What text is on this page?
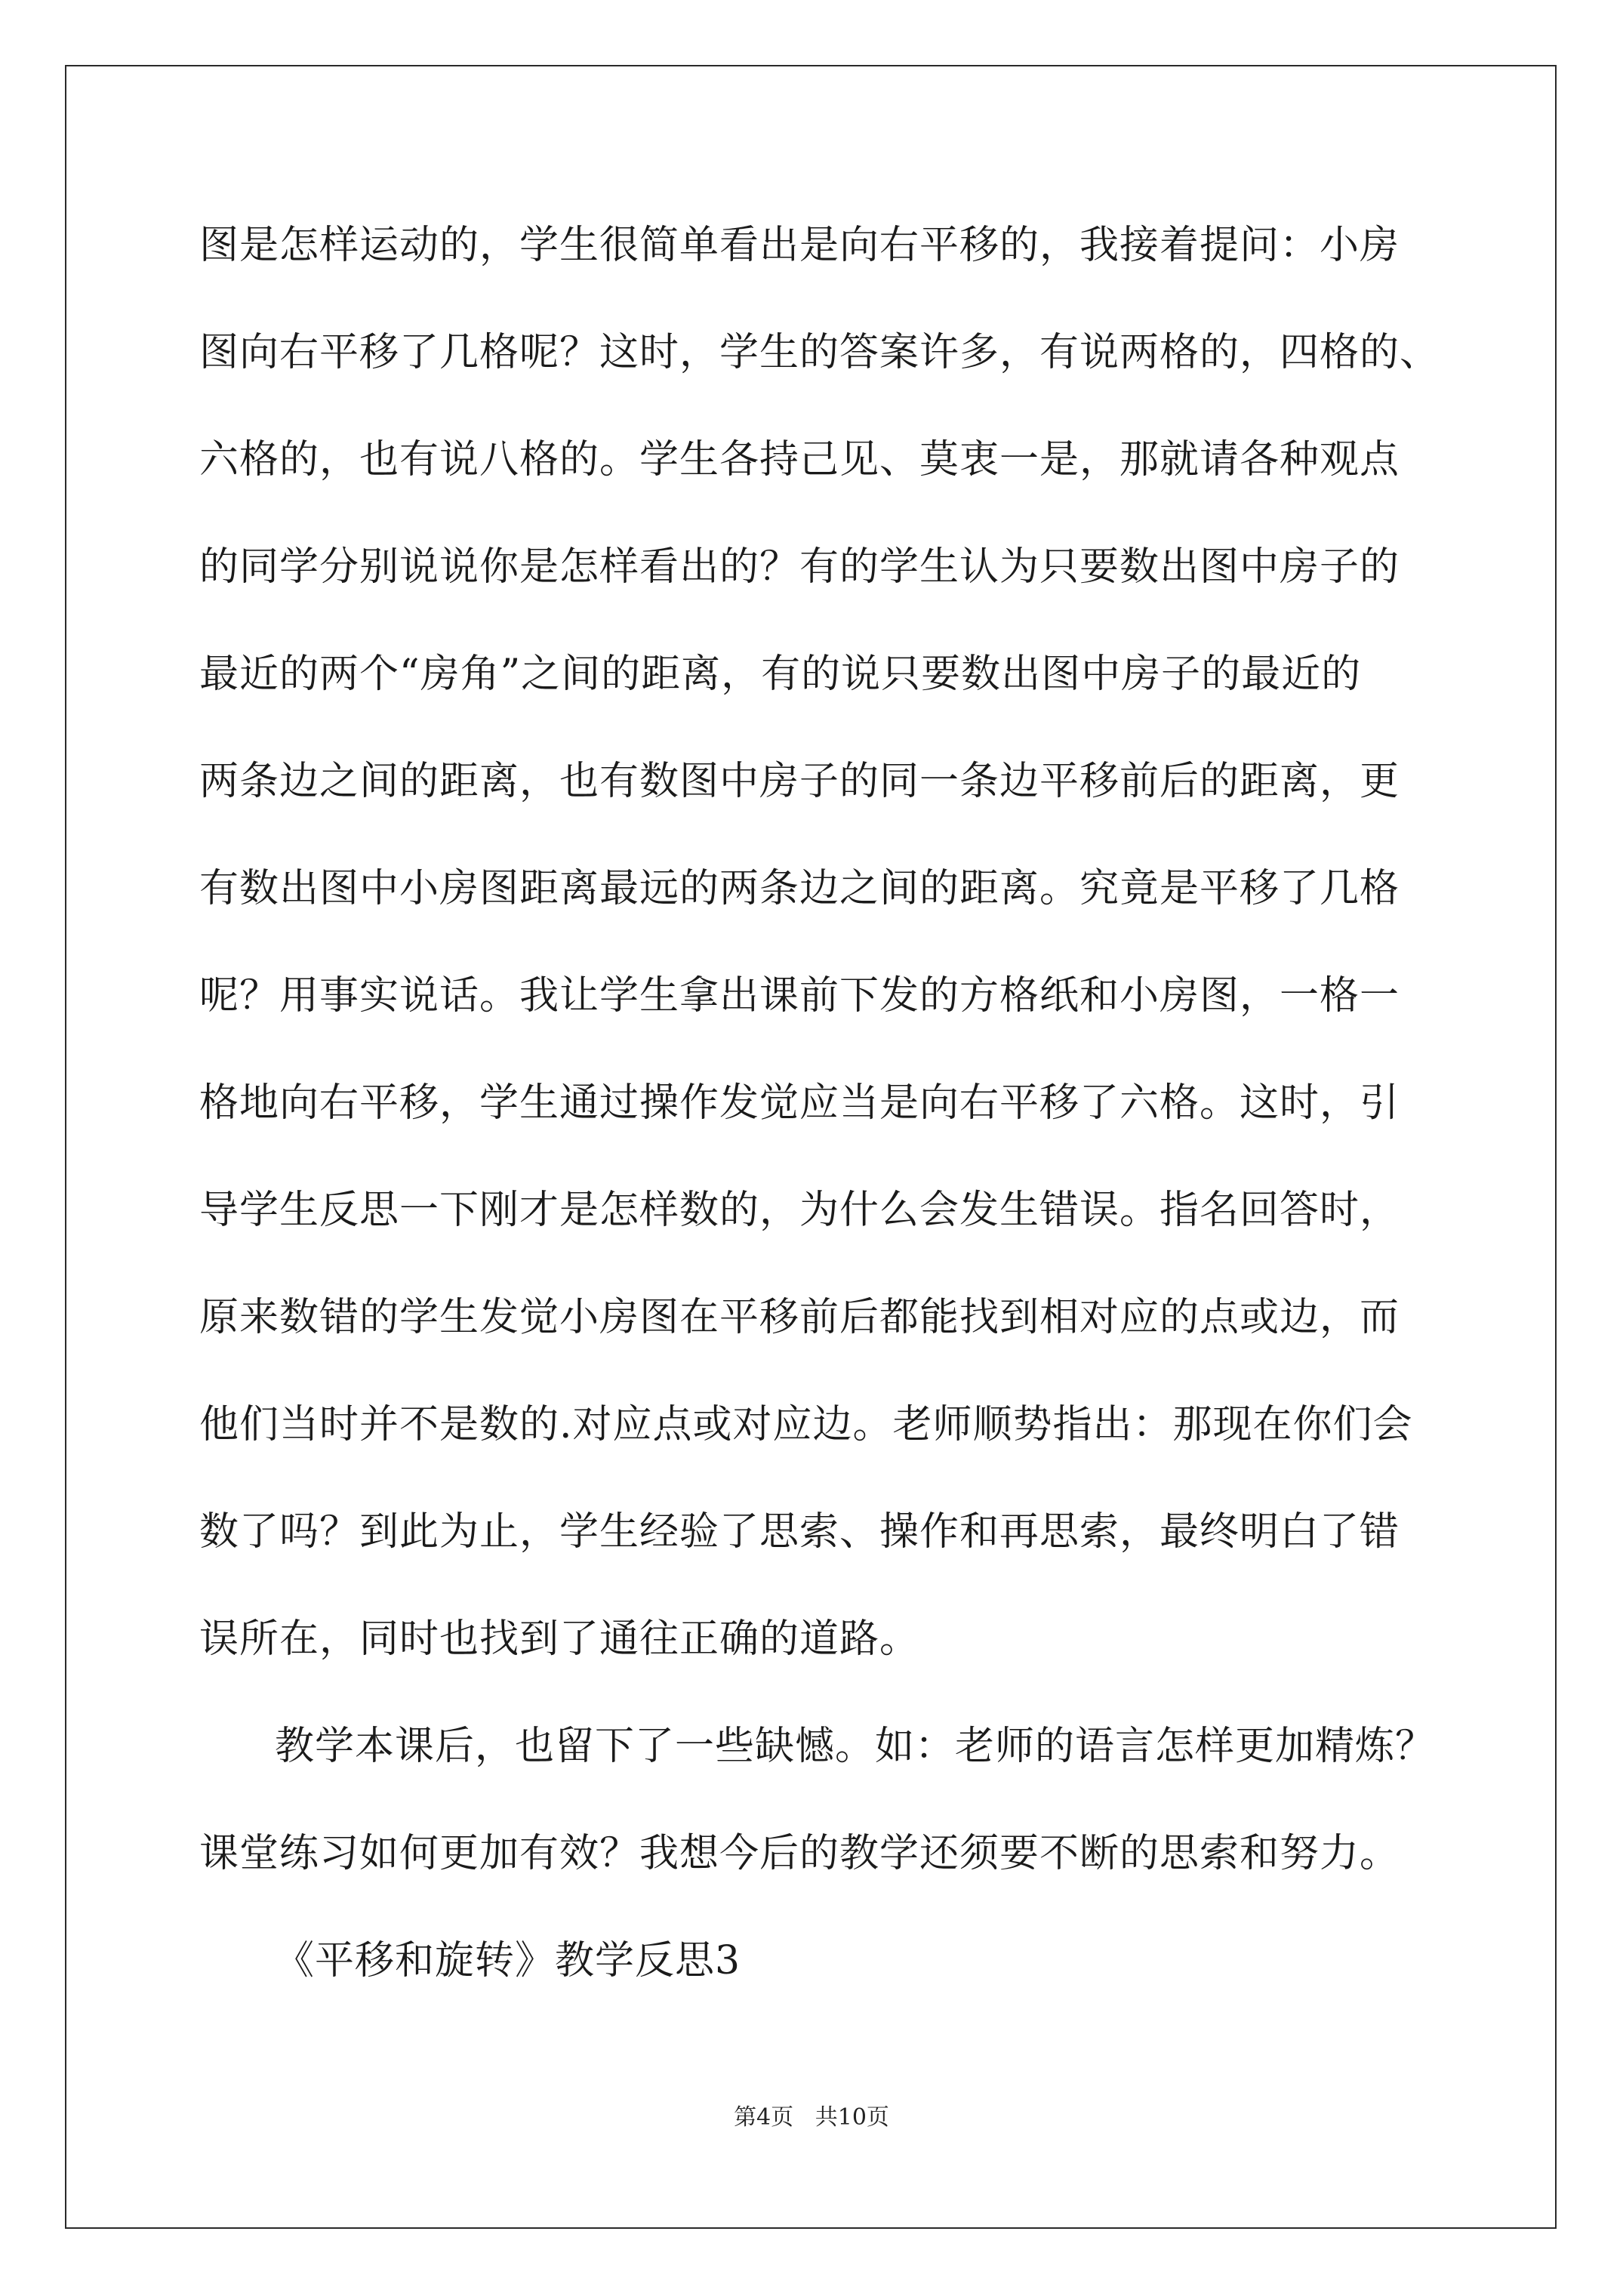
图是怎样运动的，学生很简单看出是向右平移的，我接着提问：小房
图向右平移了几格呢？这时，学生的答案许多，有说两格的，四格的、
六格的，也有说八格的。学生各持己见、莫衷一是，那就请各种观点
的同学分别说说你是怎样看出的？有的学生认为只要数出图中房子的
最近的两个“房角”之间的距离，有的说只要数出图中房子的最近的
两条边之间的距离，也有数图中房子的同一条边平移前后的距离，更
有数出图中小房图距离最远的两条边之间的距离。究竟是平移了几格
呢？用事实说话。我让学生拿出课前下发的方格纸和小房图，一格一
格地向右平移，学生通过操作发觉应当是向右平移了六格。这时，引
导学生反思一下刚才是怎样数的，为什么会发生错误。指名回答时，
原来数错的学生发觉小房图在平移前后都能找到相对应的点或边，而
他们当时并不是数的.对应点或对应边。老师顺势指出：那现在你们会
数了吗？到此为止，学生经验了思索、操作和再思索，最终明白了错
误所在，同时也找到了通往正确的道路。
教学本课后，也留下了一些缺憾。如：老师的语言怎样更加精炼？
课堂练习如何更加有效？我想今后的教学还须要不断的思索和努力。
《平移和旋转》教学反思3
第4页   共10页
